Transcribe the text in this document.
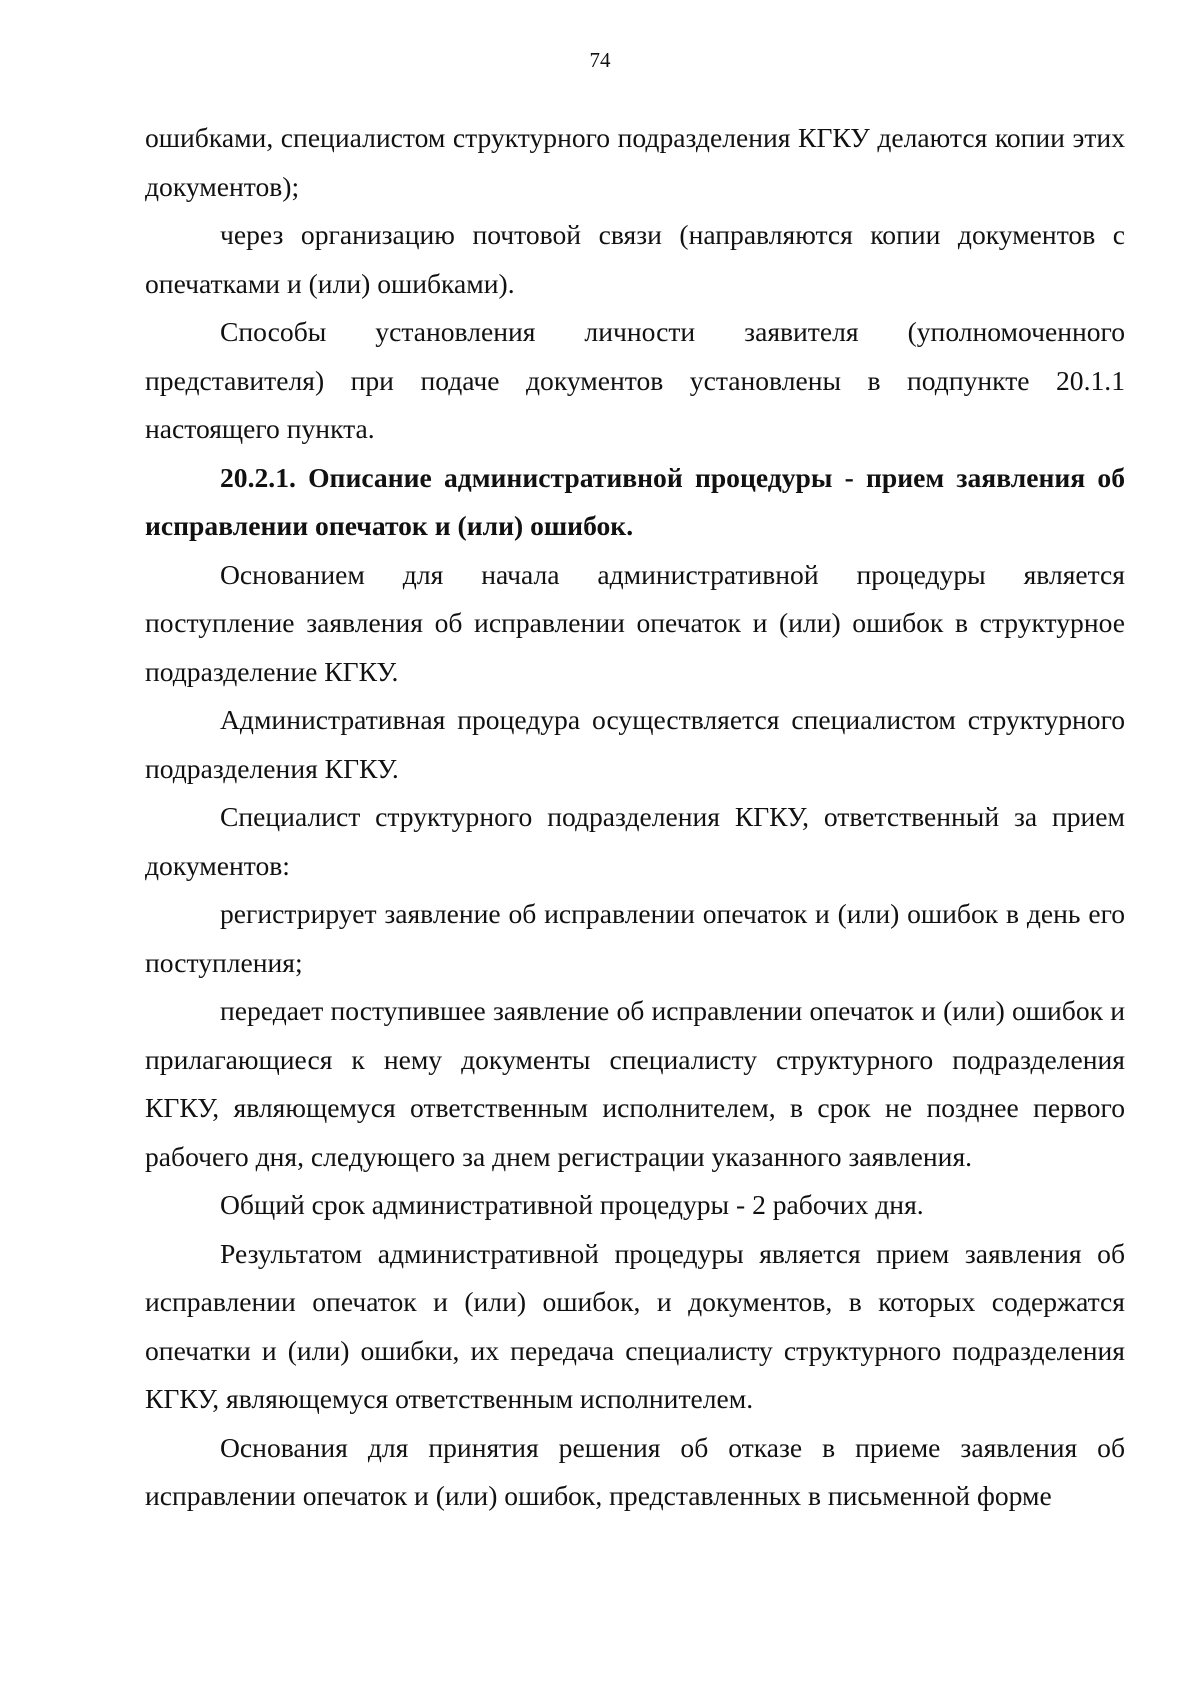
74

ошибками, специалистом структурного подразделения КГКУ делаются копии этих документов);

через организацию почтовой связи (направляются копии документов с опечатками и (или) ошибками).

Способы установления личности заявителя (уполномоченного представителя) при подаче документов установлены в подпункте 20.1.1 настоящего пункта.

20.2.1. Описание административной процедуры - прием заявления об исправлении опечаток и (или) ошибок.

Основанием для начала административной процедуры является поступление заявления об исправлении опечаток и (или) ошибок в структурное подразделение КГКУ.

Административная процедура осуществляется специалистом структурного подразделения КГКУ.

Специалист структурного подразделения КГКУ, ответственный за прием документов:

регистрирует заявление об исправлении опечаток и (или) ошибок в день его поступления;

передает поступившее заявление об исправлении опечаток и (или) ошибок и прилагающиеся к нему документы специалисту структурного подразделения КГКУ, являющемуся ответственным исполнителем, в срок не позднее первого рабочего дня, следующего за днем регистрации указанного заявления.

Общий срок административной процедуры - 2 рабочих дня.

Результатом административной процедуры является прием заявления об исправлении опечаток и (или) ошибок, и документов, в которых содержатся опечатки и (или) ошибки, их передача специалисту структурного подразделения КГКУ, являющемуся ответственным исполнителем.

Основания для принятия решения об отказе в приеме заявления об исправлении опечаток и (или) ошибок, представленных в письменной форме
